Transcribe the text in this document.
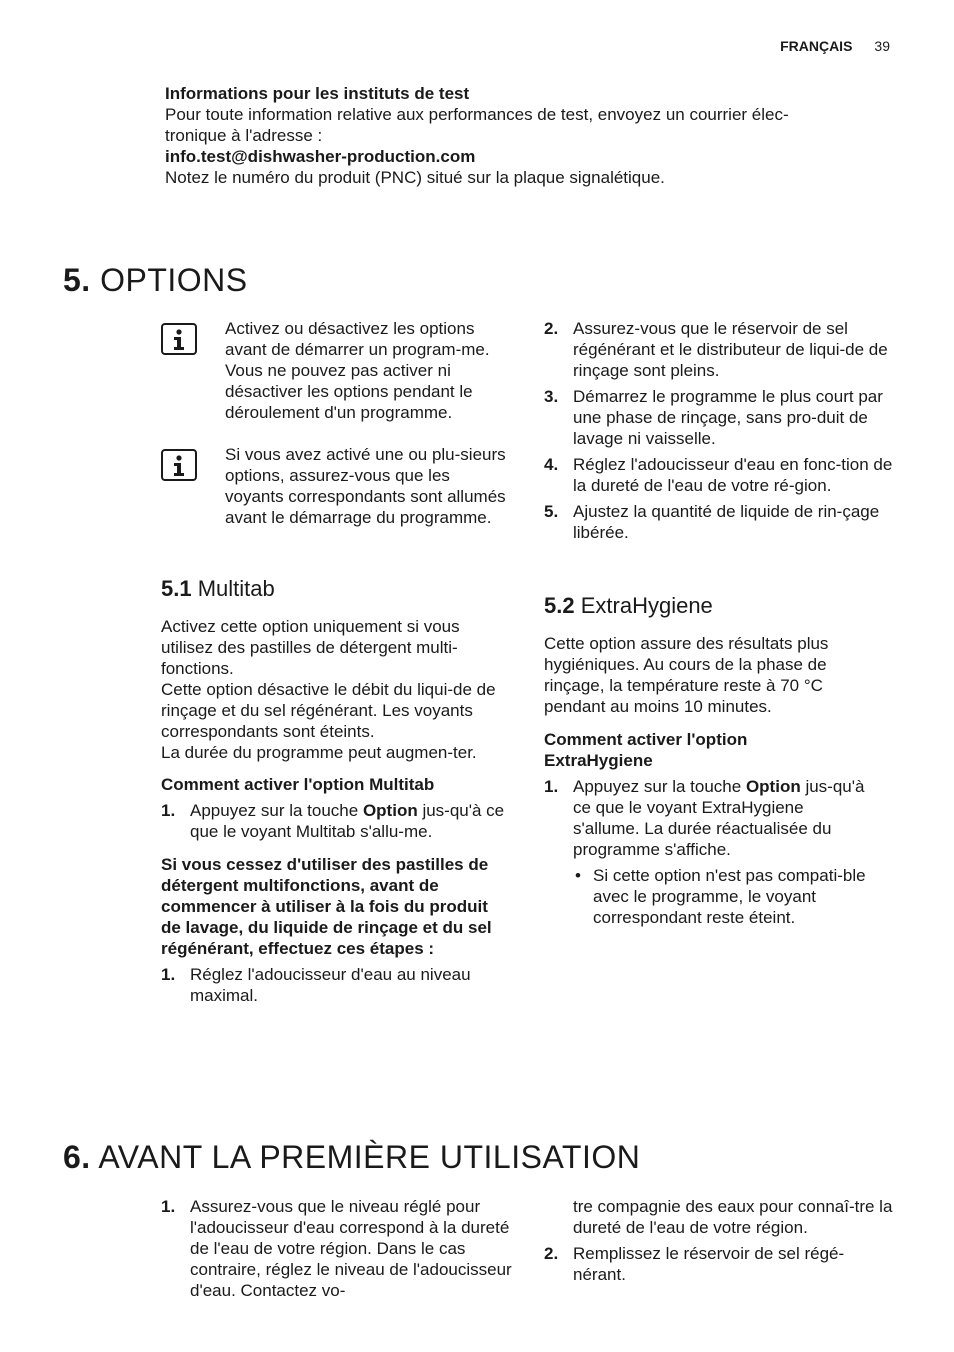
FRANÇAIS 39

Informations pour les instituts de test

Pour toute information relative aux performances de test, envoyez un courrier élec-

tronique à l'adresse :

info.test@dishwasher-production.com

Notez le numéro du produit (PNC) situé sur la plaque signalétique.

5. OPTIONS

Activez ou désactivez les options avant de démarrer un program-me. Vous ne pouvez pas activer ni désactiver les options pendant le déroulement d'un programme.

Si vous avez activé une ou plu-sieurs options, assurez-vous que les voyants correspondants sont allumés avant le démarrage du programme.

5.1 Multitab

Activez cette option uniquement si vous utilisez des pastilles de détergent multi-fonctions.

Cette option désactive le débit du liqui-de de rinçage et du sel régénérant. Les voyants correspondants sont éteints.

La durée du programme peut augmen-ter.

Comment activer l'option Multitab

1. Appuyez sur la touche Option jus-qu'à ce que le voyant Multitab s'allu-me.

Si vous cessez d'utiliser des pastilles de détergent multifonctions, avant de commencer à utiliser à la fois du produit de lavage, du liquide de rinçage et du sel régénérant, effectuez ces étapes :

1. Réglez l'adoucisseur d'eau au niveau maximal.
2. Assurez-vous que le réservoir de sel régénérant et le distributeur de liqui-de de rinçage sont pleins.
3. Démarrez le programme le plus court par une phase de rinçage, sans pro-duit de lavage ni vaisselle.
4. Réglez l'adoucisseur d'eau en fonc-tion de la dureté de l'eau de votre ré-gion.
5. Ajustez la quantité de liquide de rin-çage libérée.
5.2 ExtraHygiene

Cette option assure des résultats plus hygiéniques. Au cours de la phase de rinçage, la température reste à 70 °C pendant au moins 10 minutes.

Comment activer l'option ExtraHygiene

1. Appuyez sur la touche Option jus-qu'à ce que le voyant ExtraHygiene s'allume. La durée réactualisée du programme s'affiche.
• Si cette option n'est pas compati-ble avec le programme, le voyant correspondant reste éteint.
6. AVANT LA PREMIÈRE UTILISATION
1. Assurez-vous que le niveau réglé pour l'adoucisseur d'eau correspond à la dureté de l'eau de votre région. Dans le cas contraire, réglez le niveau de l'adoucisseur d'eau. Contactez vo-

tre compagnie des eaux pour connaî-tre la dureté de l'eau de votre région.

2. Remplissez le réservoir de sel régé-nérant.
